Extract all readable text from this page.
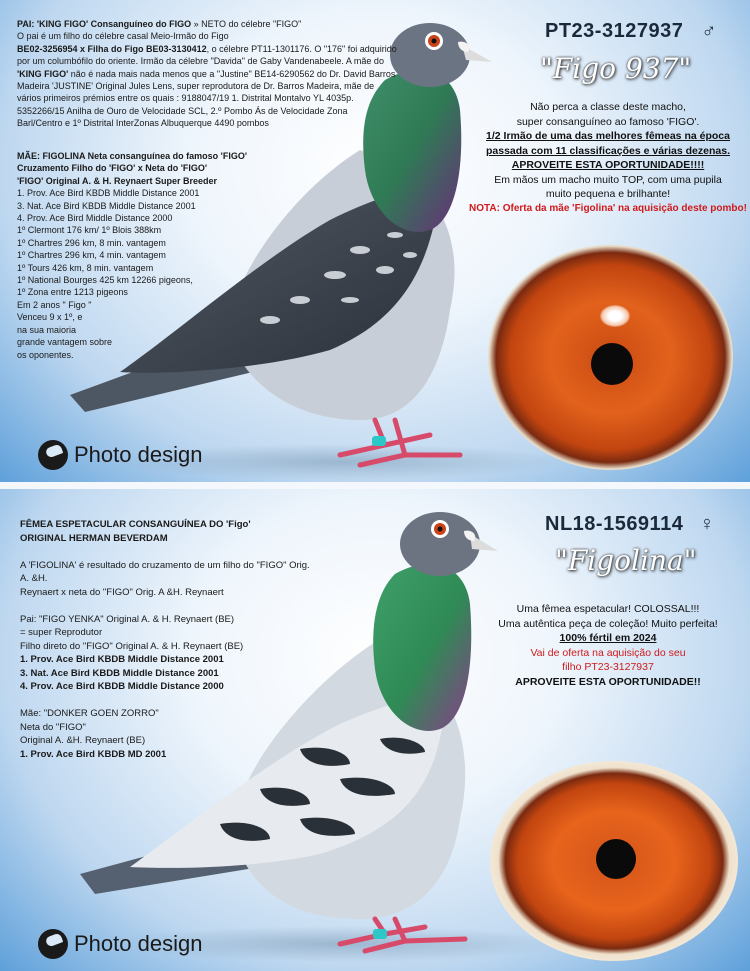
PAI: 'KING FIGO' Consanguíneo do FIGO » NETO do célebre "FIGO"
O pai é um filho do célebre casal Meio-Irmão do Figo
BE02-3256954 x Filha do Figo BE03-3130412, o célebre PT11-1301176. O "176" foi adquirido
por um columbófilo do oriente. Irmão da célebre "Davida" de Gaby Vandenabeele. A mãe do
'KING FIGO' não é nada mais nada menos que a "Justine" BE14-6290562 do Dr. David Barros
Madeira 'JUSTINE' Original Jules Lens, super reprodutora de Dr. Barros Madeira, mãe de
vários primeiros prémios entre os quais : 9188047/19 1. Distrital Montalvo YL 4035p.
5352266/15 Anilha de Ouro de Velocidade SCL, 2.º Pombo Ás de Velocidade Zona
Barl/Centro e 1º Distrital InterZonas Albuquerque 4490 pombos
MÃE: FIGOLINA Neta consanguínea do famoso 'FIGO'
Cruzamento Filho do 'FIGO' x Neta do 'FIGO'
'FIGO' Original A. & H. Reynaert Super Breeder
1. Prov. Ace Bird KBDB Middle Distance 2001
3. Nat. Ace Bird KBDB Middle Distance 2001
4. Prov. Ace Bird Middle Distance 2000
1º Clermont 176 km/ 1º Blois 388km
1º Chartres 296 km, 8 min. vantagem
1º Chartres 296 km, 4 min. vantagem
1º Tours 426 km, 8 min. vantagem
1º National Bourges 425 km 12266 pigeons,
1º Zona entre 1213 pigeons
Em 2 anos " Figo "
Venceu 9 x 1º, e
na sua maioria
grande vantagem sobre
os oponentes.
PT23-3127937 ♂
"Figo 937"
Não perca a classe deste macho,
super consanguíneo ao famoso 'FIGO'.
1/2 Irmão de uma das melhores fêmeas na época
passada com 11 classificações e várias dezenas.
APROVEITE ESTA OPORTUNIDADE!!!!
Em mãos um macho muito TOP, com uma pupila
muito pequena e brilhante!
NOTA: Oferta da mãe 'Figolina' na aquisição deste pombo!
Photo design
FÊMEA ESPETACULAR CONSANGUÍNEA DO 'Figo'
ORIGINAL HERMAN BEVERDAM

A 'FIGOLINA' é resultado do cruzamento de um filho do "FIGO" Orig. A. &H.
Reynaert x neta do "FIGO" Orig. A &H. Reynaert

Pai: "FIGO YENKA" Original A. & H. Reynaert (BE)
= super Reprodutor
Filho direto do "FIGO" Original A. & H. Reynaert (BE)
1. Prov. Ace Bird KBDB Middle Distance 2001
3. Nat. Ace Bird KBDB Middle Distance 2001
4. Prov. Ace Bird KBDB Middle Distance 2000

Mãe: "DONKER GOEN ZORRO"
Neta do "FIGO"
Original A. &H. Reynaert (BE)
1. Prov. Ace Bird KBDB MD 2001
NL18-1569114 ♀
"Figolina"
Uma fêmea espetacular! COLOSSAL!!!
Uma autêntica peça de coleção! Muito perfeita!
100% fértil em 2024
Vai de oferta na aquisição do seu
filho PT23-3127937
APROVEITE ESTA OPORTUNIDADE!!
Photo design
